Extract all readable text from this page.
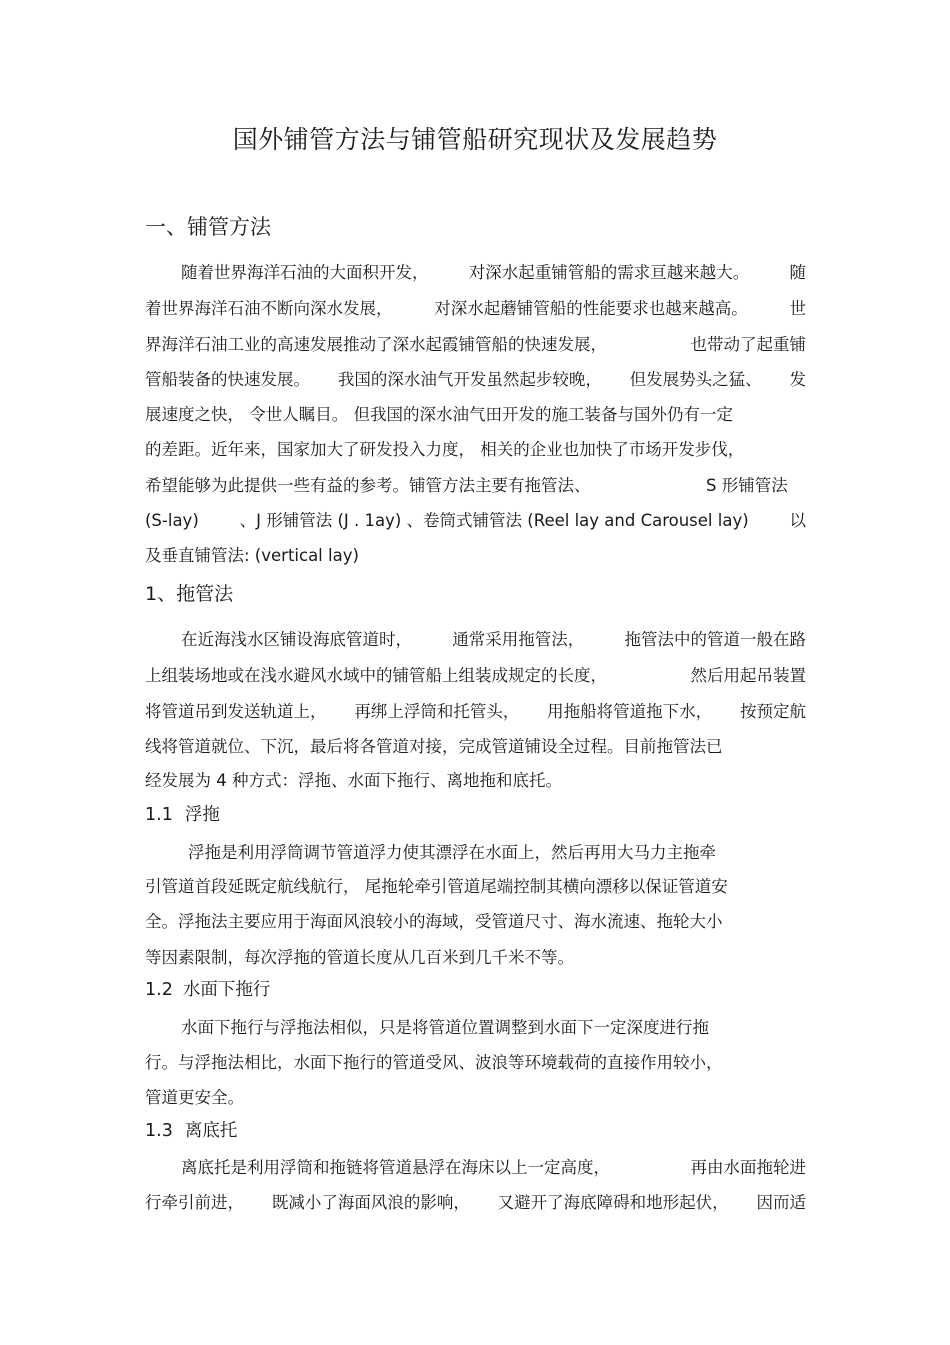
国外铺管方法与铺管船研究现状及发展趋势
一、铺管方法

随着世界海洋石油的大面积开发， 对深水起重铺管船的需求亘越来越大。 随

着世界海洋石油不断向深水发展，	对深水起蘑铺管船的性能要求也越来越高。	世

界海洋石油工业的高速发展推动了深水起霞铺管船的快速发展，	也带动了起重铺

管船装备的快速发展。 我国的深水油气开发虽然起步较晚， 但发展势头之猛、 发

展速度之快， 令世人瞩目。 但我国的深水油气田开发的施工装备与国外仍有一定

的差距。近年来，国家加大了研发投入力度， 相关的企业也加快了市场开发步伐，

希望能够为此提供一些有益的参考。铺管方法主要有拖管法、	S 形铺管法

(S-lay) 、J 形铺管法 (J . 1ay) 、卷筒式铺管法 (Reel lay and Carousel lay) 以

及垂直铺管法: (vertical lay)

1、拖管法

在近海浅水区铺设海底管道时， 通常采用拖管法， 拖管法中的管道一般在路

上组装场地或在浅水避风水域中的铺管船上组装成规定的长度，	然后用起吊装置

将管道吊到发送轨道上， 再绑上浮筒和托管头， 用拖船将管道拖下水， 按预定航

线将管道就位、下沉，最后将各管道对接，完成管道铺设全过程。目前拖管法已

经发展为 4 种方式：浮拖、水面下拖行、离地拖和底托。

1.1 浮拖

浮拖是利用浮筒调节管道浮力使其漂浮在水面上，然后再用大马力主拖牵

引管道首段延既定航线航行， 尾拖轮牵引管道尾端控制其横向漂移以保证管道安

全。浮拖法主要应用于海面风浪较小的海域，受管道尺寸、海水流速、拖轮大小

等因素限制，每次浮拖的管道长度从几百米到几千米不等。

1.2 水面下拖行

水面下拖行与浮拖法相似，只是将管道位置调整到水面下一定深度进行拖

行。与浮拖法相比，水面下拖行的管道受风、波浪等环境载荷的直接作用较小，

管道更安全。

1.3 离底托

离底托是利用浮筒和拖链将管道悬浮在海床以上一定高度，	再由水面拖轮进

行牵引前进， 既减小了海面风浪的影响， 又避开了海底障碍和地形起伏， 因而适
